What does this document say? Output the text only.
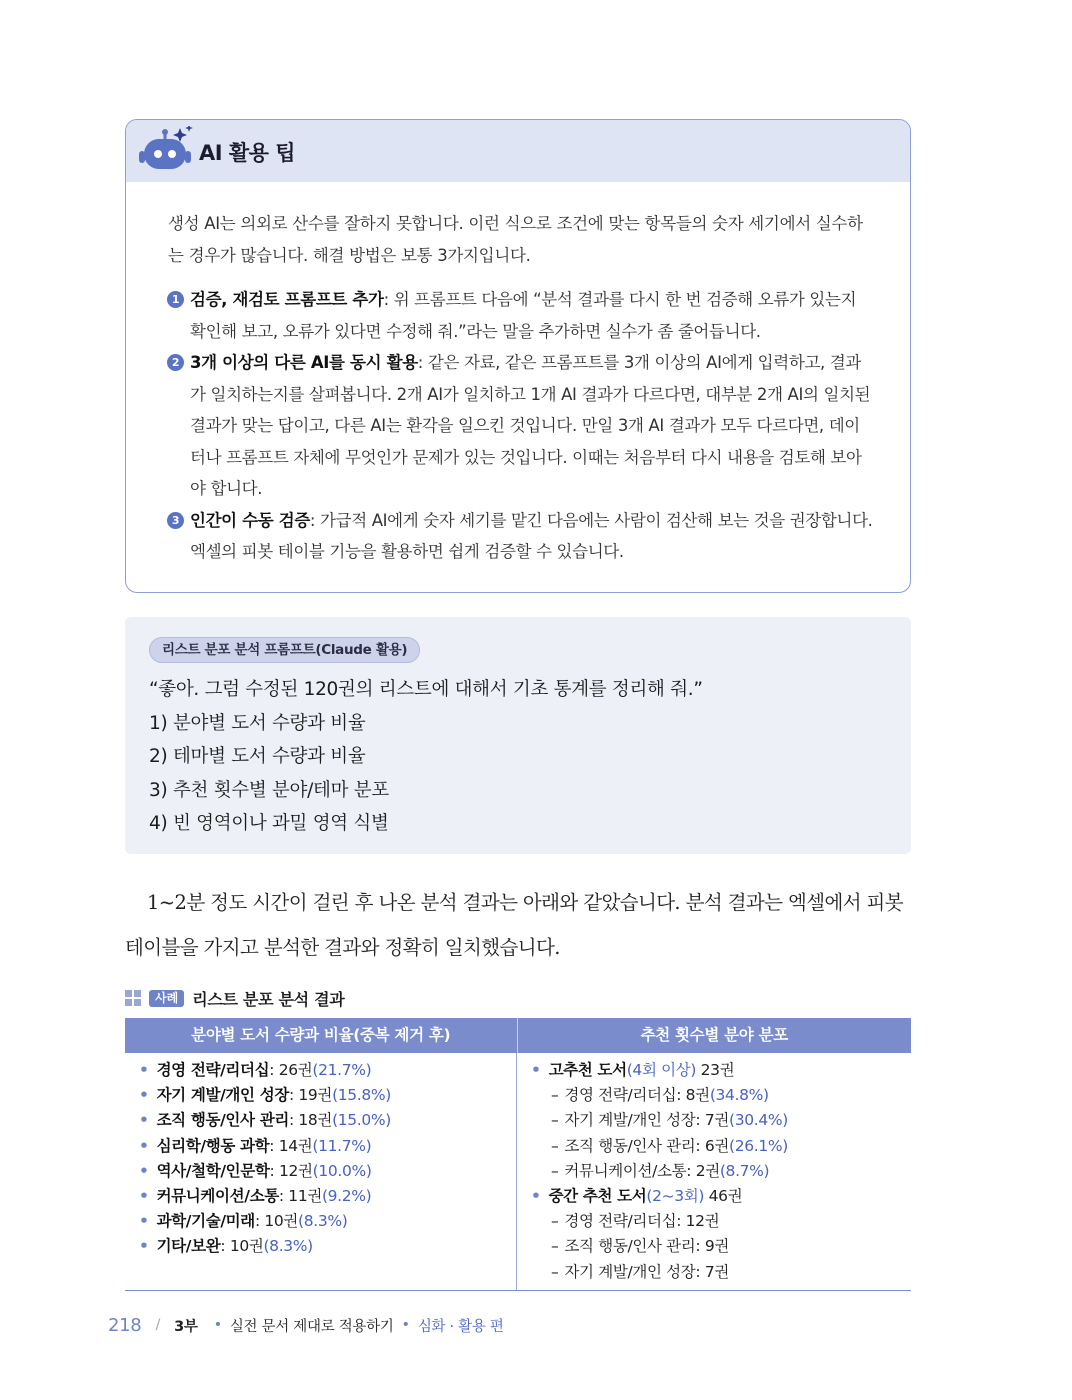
AI 활용 팁
생성 AI는 의외로 산수를 잘하지 못합니다. 이런 식으로 조건에 맞는 항목들의 숫자 세기에서 실수하는 경우가 많습니다. 해결 방법은 보통 3가지입니다.
1 검증, 재검토 프롬프트 추가: 위 프롬프트 다음에 “분석 결과를 다시 한 번 검증해 오류가 있는지 확인해 보고, 오류가 있다면 수정해 줘.”라는 말을 추가하면 실수가 좀 줄어듭니다.
2 3개 이상의 다른 AI를 동시 활용: 같은 자료, 같은 프롬프트를 3개 이상의 AI에게 입력하고, 결과가 일치하는지를 살펴봅니다. 2개 AI가 일치하고 1개 AI 결과가 다르다면, 대부분 2개 AI의 일치된 결과가 맞는 답이고, 다른 AI는 환각을 일으킨 것입니다. 만일 3개 AI 결과가 모두 다르다면, 데이터나 프롬프트 자체에 무엇인가 문제가 있는 것입니다. 이때는 처음부터 다시 내용을 검토해 보아야 합니다.
3 인간이 수동 검증: 가급적 AI에게 숫자 세기를 맡긴 다음에는 사람이 검산해 보는 것을 권장합니다. 엑셀의 피봇 테이블 기능을 활용하면 쉽게 검증할 수 있습니다.
리스트 분포 분석 프롬프트(Claude 활용)
“좋아. 그럼 수정된 120권의 리스트에 대해서 기초 통계를 정리해 줘.”
1) 분야별 도서 수량과 비율
2) 테마별 도서 수량과 비율
3) 추천 횟수별 분야/테마 분포
4) 빈 영역이나 과밀 영역 식별
1~2분 정도 시간이 걸린 후 나온 분석 결과는 아래와 같았습니다. 분석 결과는 엑셀에서 피봇 테이블을 가지고 분석한 결과와 정확히 일치했습니다.
사례 리스트 분포 분석 결과
분야별 도서 수량과 비율(중복 제거 후)	추천 횟수별 분야 분포
• 경영 전략/리더십: 26권(21.7%)
• 자기 계발/개인 성장: 19권(15.8%)
• 조직 행동/인사 관리: 18권(15.0%)
• 심리학/행동 과학: 14권(11.7%)
• 역사/철학/인문학: 12권(10.0%)
• 커뮤니케이션/소통: 11권(9.2%)
• 과학/기술/미래: 10권(8.3%)
• 기타/보완: 10권(8.3%)
• 고추천 도서(4회 이상) 23권
– 경영 전략/리더십: 8권(34.8%)
– 자기 계발/개인 성장: 7권(30.4%)
– 조직 행동/인사 관리: 6권(26.1%)
– 커뮤니케이션/소통: 2권(8.7%)
• 중간 추천 도서(2~3회) 46권
– 경영 전략/리더십: 12권
– 조직 행동/인사 관리: 9권
– 자기 계발/개인 성장: 7권
218 / 3부 • 실전 문서 제대로 적용하기 • 심화 · 활용 편
